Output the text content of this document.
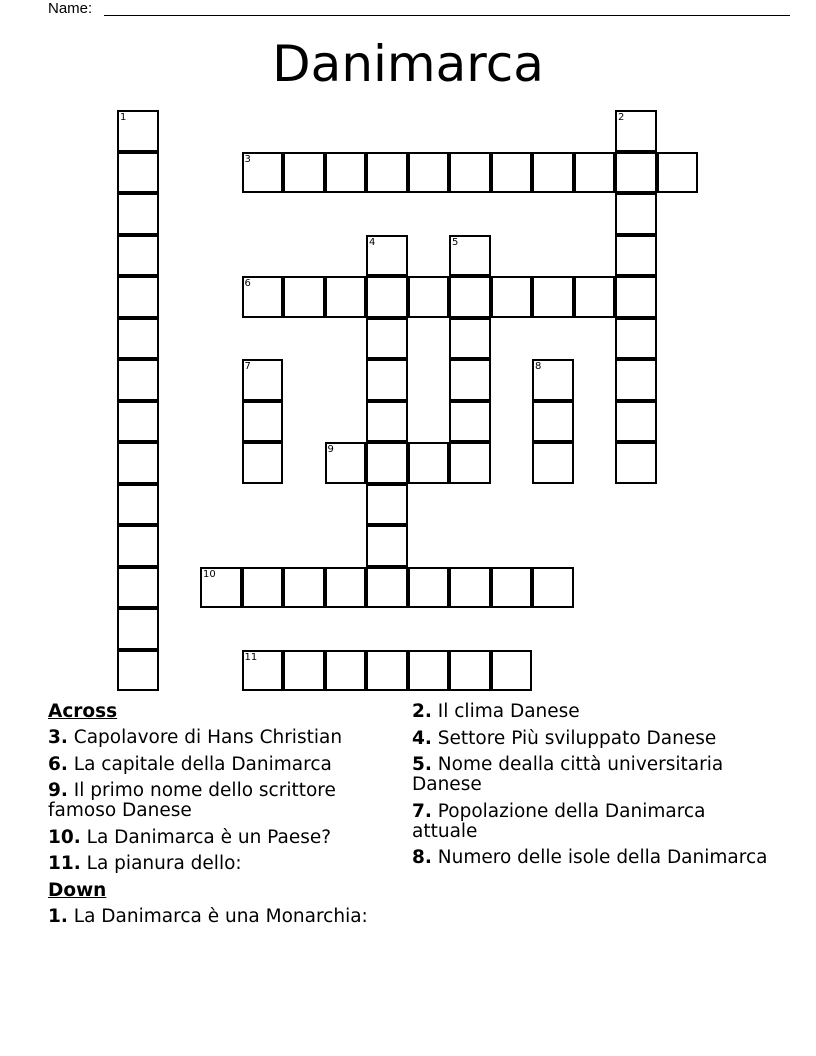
Name:
Danimarca
1	2
3
4	5
6
7	8
9
10
11
Across
3. Capolavore di Hans Christian
6. La capitale della Danimarca
9. Il primo nome dello scrittore famoso Danese
10. La Danimarca è un Paese?
11. La pianura dello:
Down
1. La Danimarca è una Monarchia:
2. Il clima Danese
4. Settore Più sviluppato Danese
5. Nome dealla città universitaria Danese
7. Popolazione della Danimarca attuale
8. Numero delle isole della Danimarca
